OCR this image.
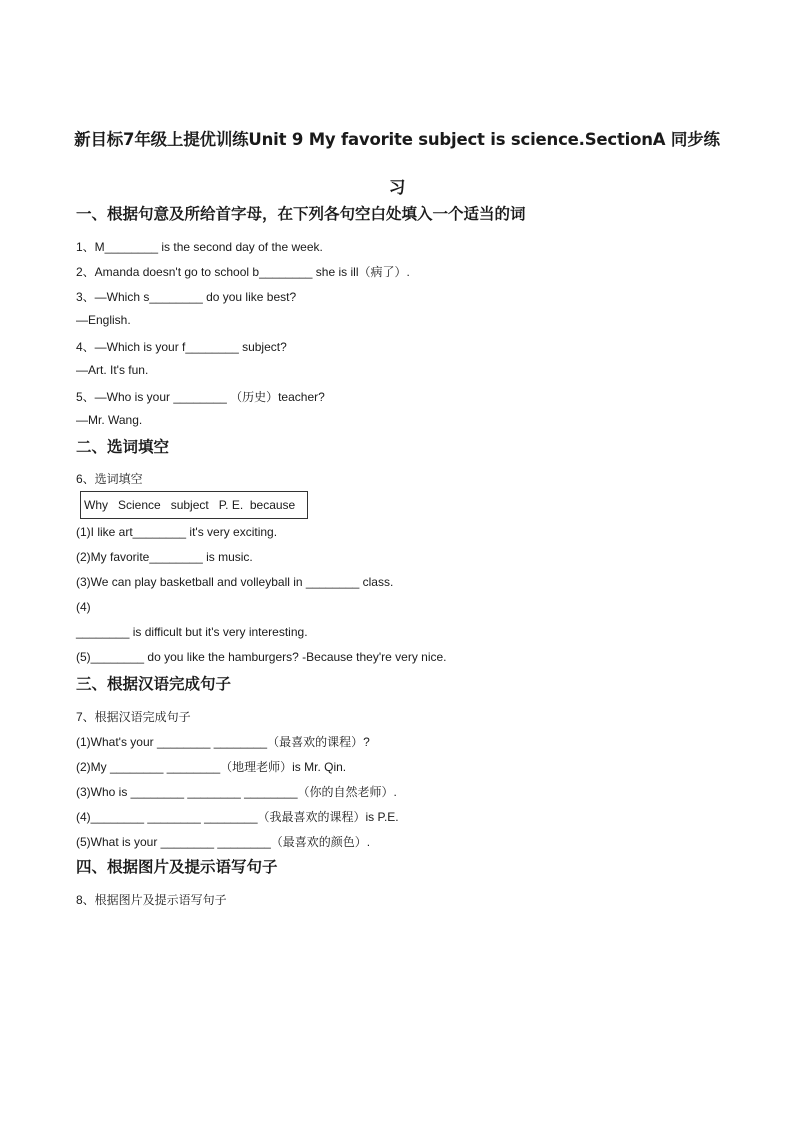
新目标7年级上提优训练Unit 9 My favorite subject is science.SectionA 同步练
习
一、根据句意及所给首字母，在下列各句空白处填入一个适当的词
1、M________ is the second day of the week.
2、Amanda doesn't go to school b________ she is ill（病了）.
3、—Which s________ do you like best?
—English.
4、—Which is your f________ subject?
—Art. It's fun.
5、—Who is your ________ （历史）teacher?
—Mr. Wang.
二、选词填空
6、选词填空
Why   Science   subject   P. E.  because
(1)I like art________ it's very exciting.
(2)My favorite________ is music.
(3)We can play basketball and volleyball in ________ class.
(4)
________ is difficult but it's very interesting.
(5)________ do you like the hamburgers? -Because they're very nice.
三、根据汉语完成句子
7、根据汉语完成句子
(1)What's your ________ ________（最喜欢的课程）?
(2)My ________ ________（地理老师）is Mr. Qin.
(3)Who is ________ ________ ________（你的自然老师）.
(4)________ ________ ________（我最喜欢的课程）is P.E.
(5)What is your ________ ________（最喜欢的颜色）.
四、根据图片及提示语写句子
8、根据图片及提示语写句子
